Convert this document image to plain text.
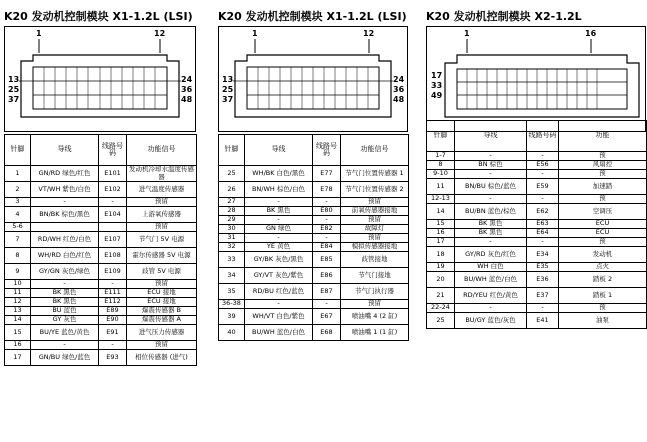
K20 发动机控制模块 X1-1.2L (LSI)
1	12
13
25
37
24
36
48
针脚	导线	线路号码	功能信号
1	GN/RD 绿色/红色	E101	发动机冷却水温度传感器
2	VT/WH 紫色/白色	E102	进气温度传感器
3	-	-	预留
4	BN/BK 棕色/黑色	E104	上游氧传感器
5-6			预留
7	RD/WH 红色/白色	E107	节气门 5V 电源
8	WH/RD 白色/红色	E108	霍尔传感器 5V 电源
9	GY/GN 灰色/绿色	E109	歧管 5V 电源
10	-	-	预留
11	BK 黑色	E111	ECU 接地
12	BK 黑色	E112	ECU 接地
13	BU 蓝色	E89	爆震传感器 B
14	GY 灰色	E90	爆震传感器 A
15	BU/YE 蓝色/黄色	E91	进气压力传感器
16	-	-	预留
17	GN/BU 绿色/蓝色	E93	相位传感器 (进气)
K20 发动机控制模块 X1-1.2L (LSI)
1	12
13
25
37
24
36
48
针脚	导线	线路号码	功能信号
25	WH/BK 白色/黑色	E77	节气门位置传感器 1
26	BN/WH 棕色/白色	E78	节气门位置传感器 2
27	-	-	预留
28	BK 黑色	E80	前氧传感器接地
29	-	-	预留
30	GN 绿色	E82	故障灯
31	-	-	预留
32	YE 黄色	E84	模拟传感器接地
33	GY/BK 灰色/黑色	E85	歧管接地
34	GY/VT 灰色/紫色	E86	节气门接地
35	RD/BU 红色/蓝色	E87	节气门执行器
36-38	-	-	预留
39	WH/VT 白色/紫色	E67	喷油嘴 4 (2 缸)
40	BU/WH 蓝色/白色	E68	喷油嘴 1 (1 缸)
K20 发动机控制模块 X2-1.2L
1	16
17
33
49
针脚	导线	线路号码	功能
1-7	-	-	预
8	BN 棕色	E56	风扇控
9-10	-	-	预
11	BN/BU 棕色/蓝色	E59	加速踏
12-13	-	-	预
14	BU/BN 蓝色/棕色	E62	空调压
15	BK 黑色	E63	ECU
16	BK 黑色	E64	ECU
17	-	-	预
18	GY/RD 灰色/红色	E34	发动机
19	WH 白色	E35	点火
20	BU/WH 蓝色/白色	E36	踏板 2
21	RD/YEU 红色/黄色	E37	踏板 1
22-24	-	-	预
25	BU/GY 蓝色/灰色	E41	油泵
